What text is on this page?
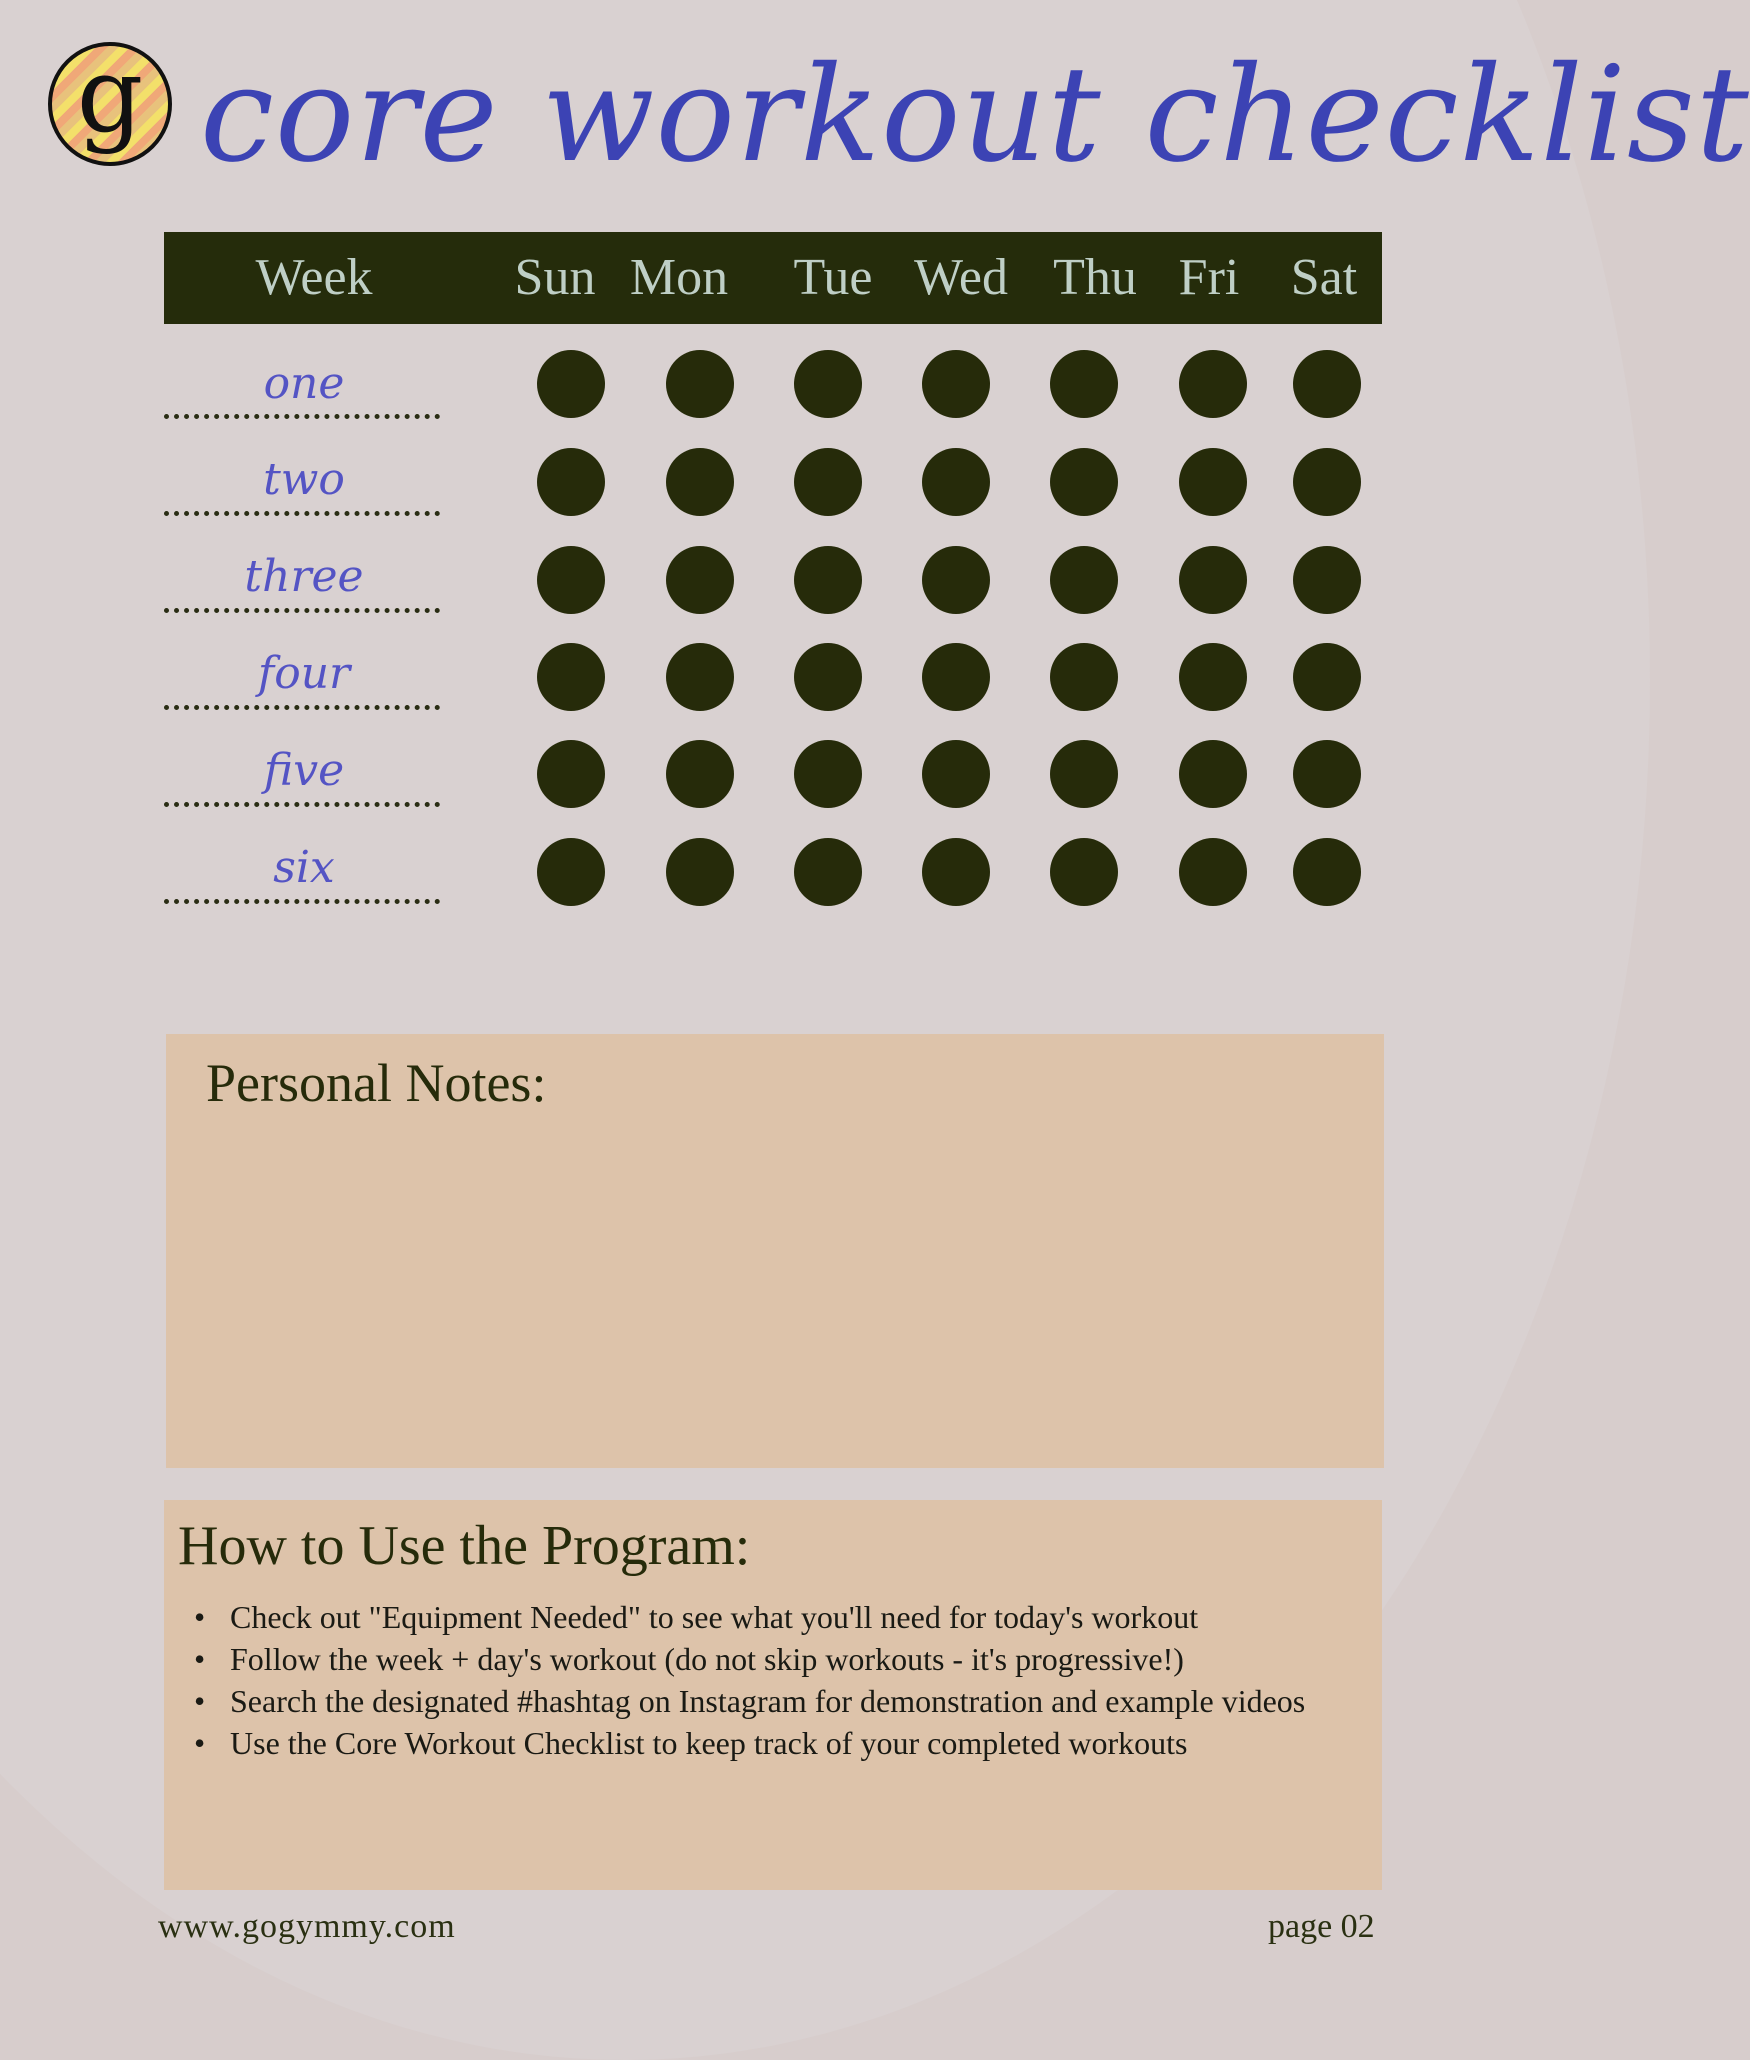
g core workout checklist
Week	Sun Mon	Tue Wed Thu Fri Sat
one
two
three
four
five
six
Personal Notes:
How to Use the Program:
• Check out "Equipment Needed" to see what you'll need for today's workout
• Follow the week + day's workout (do not skip workouts - it's progressive!)
• Search the designated #hashtag on Instagram for demonstration and example videos
• Use the Core Workout Checklist to keep track of your completed workouts
www.gogymmy.com	page 02
